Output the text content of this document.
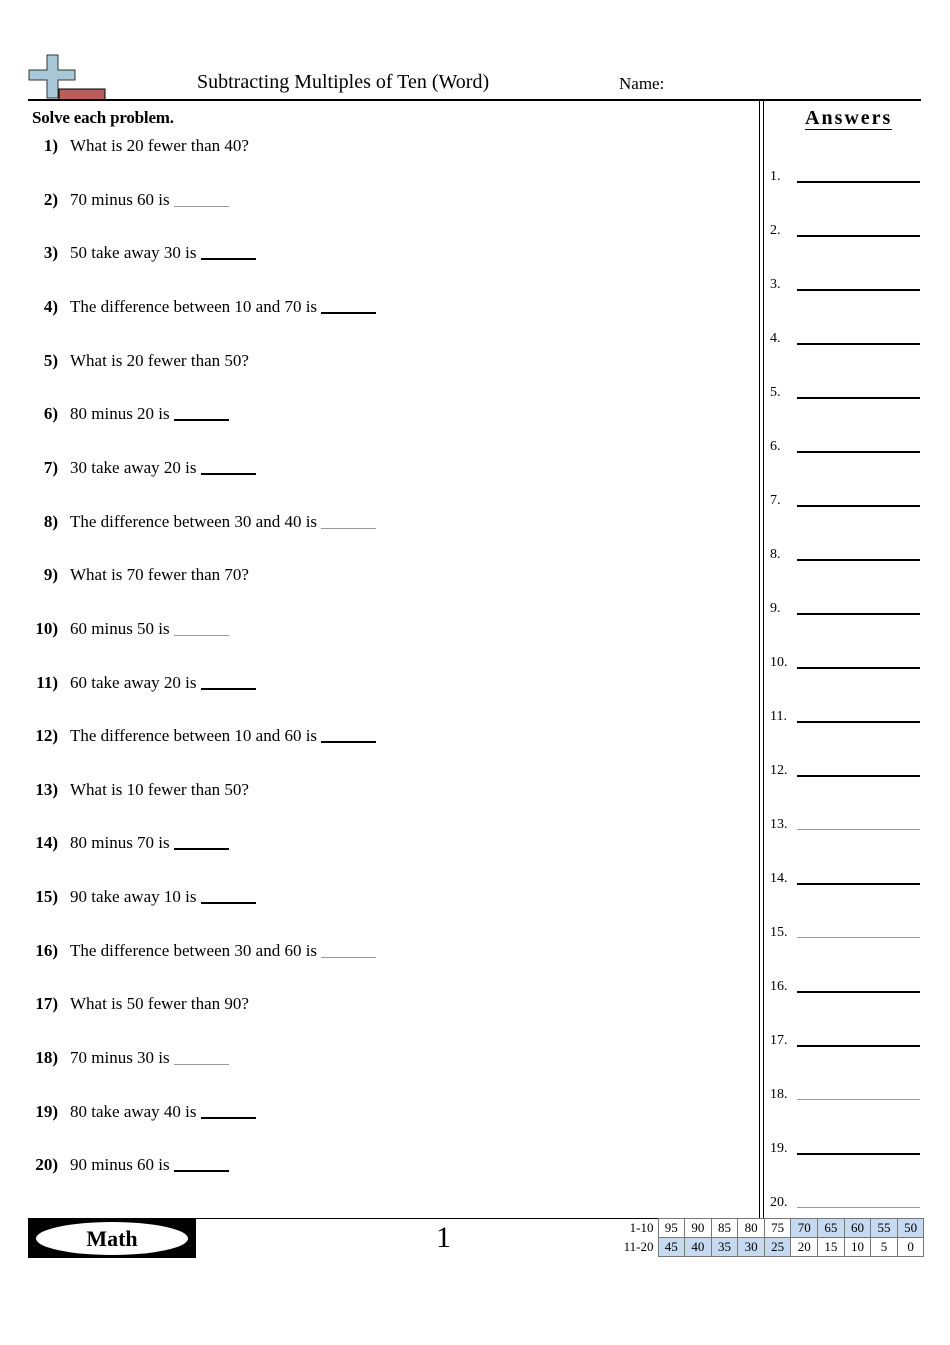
Subtracting Multiples of Ten (Word)	Name:
Solve each problem.
1) What is 20 fewer than 40?
2) 70 minus 60 is
3) 50 take away 30 is
4) The difference between 10 and 70 is
5) What is 20 fewer than 50?
6) 80 minus 20 is
7) 30 take away 20 is
8) The difference between 30 and 40 is
9) What is 70 fewer than 70?
10) 60 minus 50 is
11) 60 take away 20 is
12) The difference between 10 and 60 is
13) What is 10 fewer than 50?
14) 80 minus 70 is
15) 90 take away 10 is
16) The difference between 30 and 60 is
17) What is 50 fewer than 90?
18) 70 minus 30 is
19) 80 take away 40 is
20) 90 minus 60 is
Answers
1.
2.
3.
4.
5.
6.
7.
8.
9.
10.
11.
12.
13.
14.
15.
16.
17.
18.
19.
20.
Math	1	1-10	95	90	85	80	75	70	65	60	55	50
11-20	45	40	35	30	25	20	15	10	5	0
